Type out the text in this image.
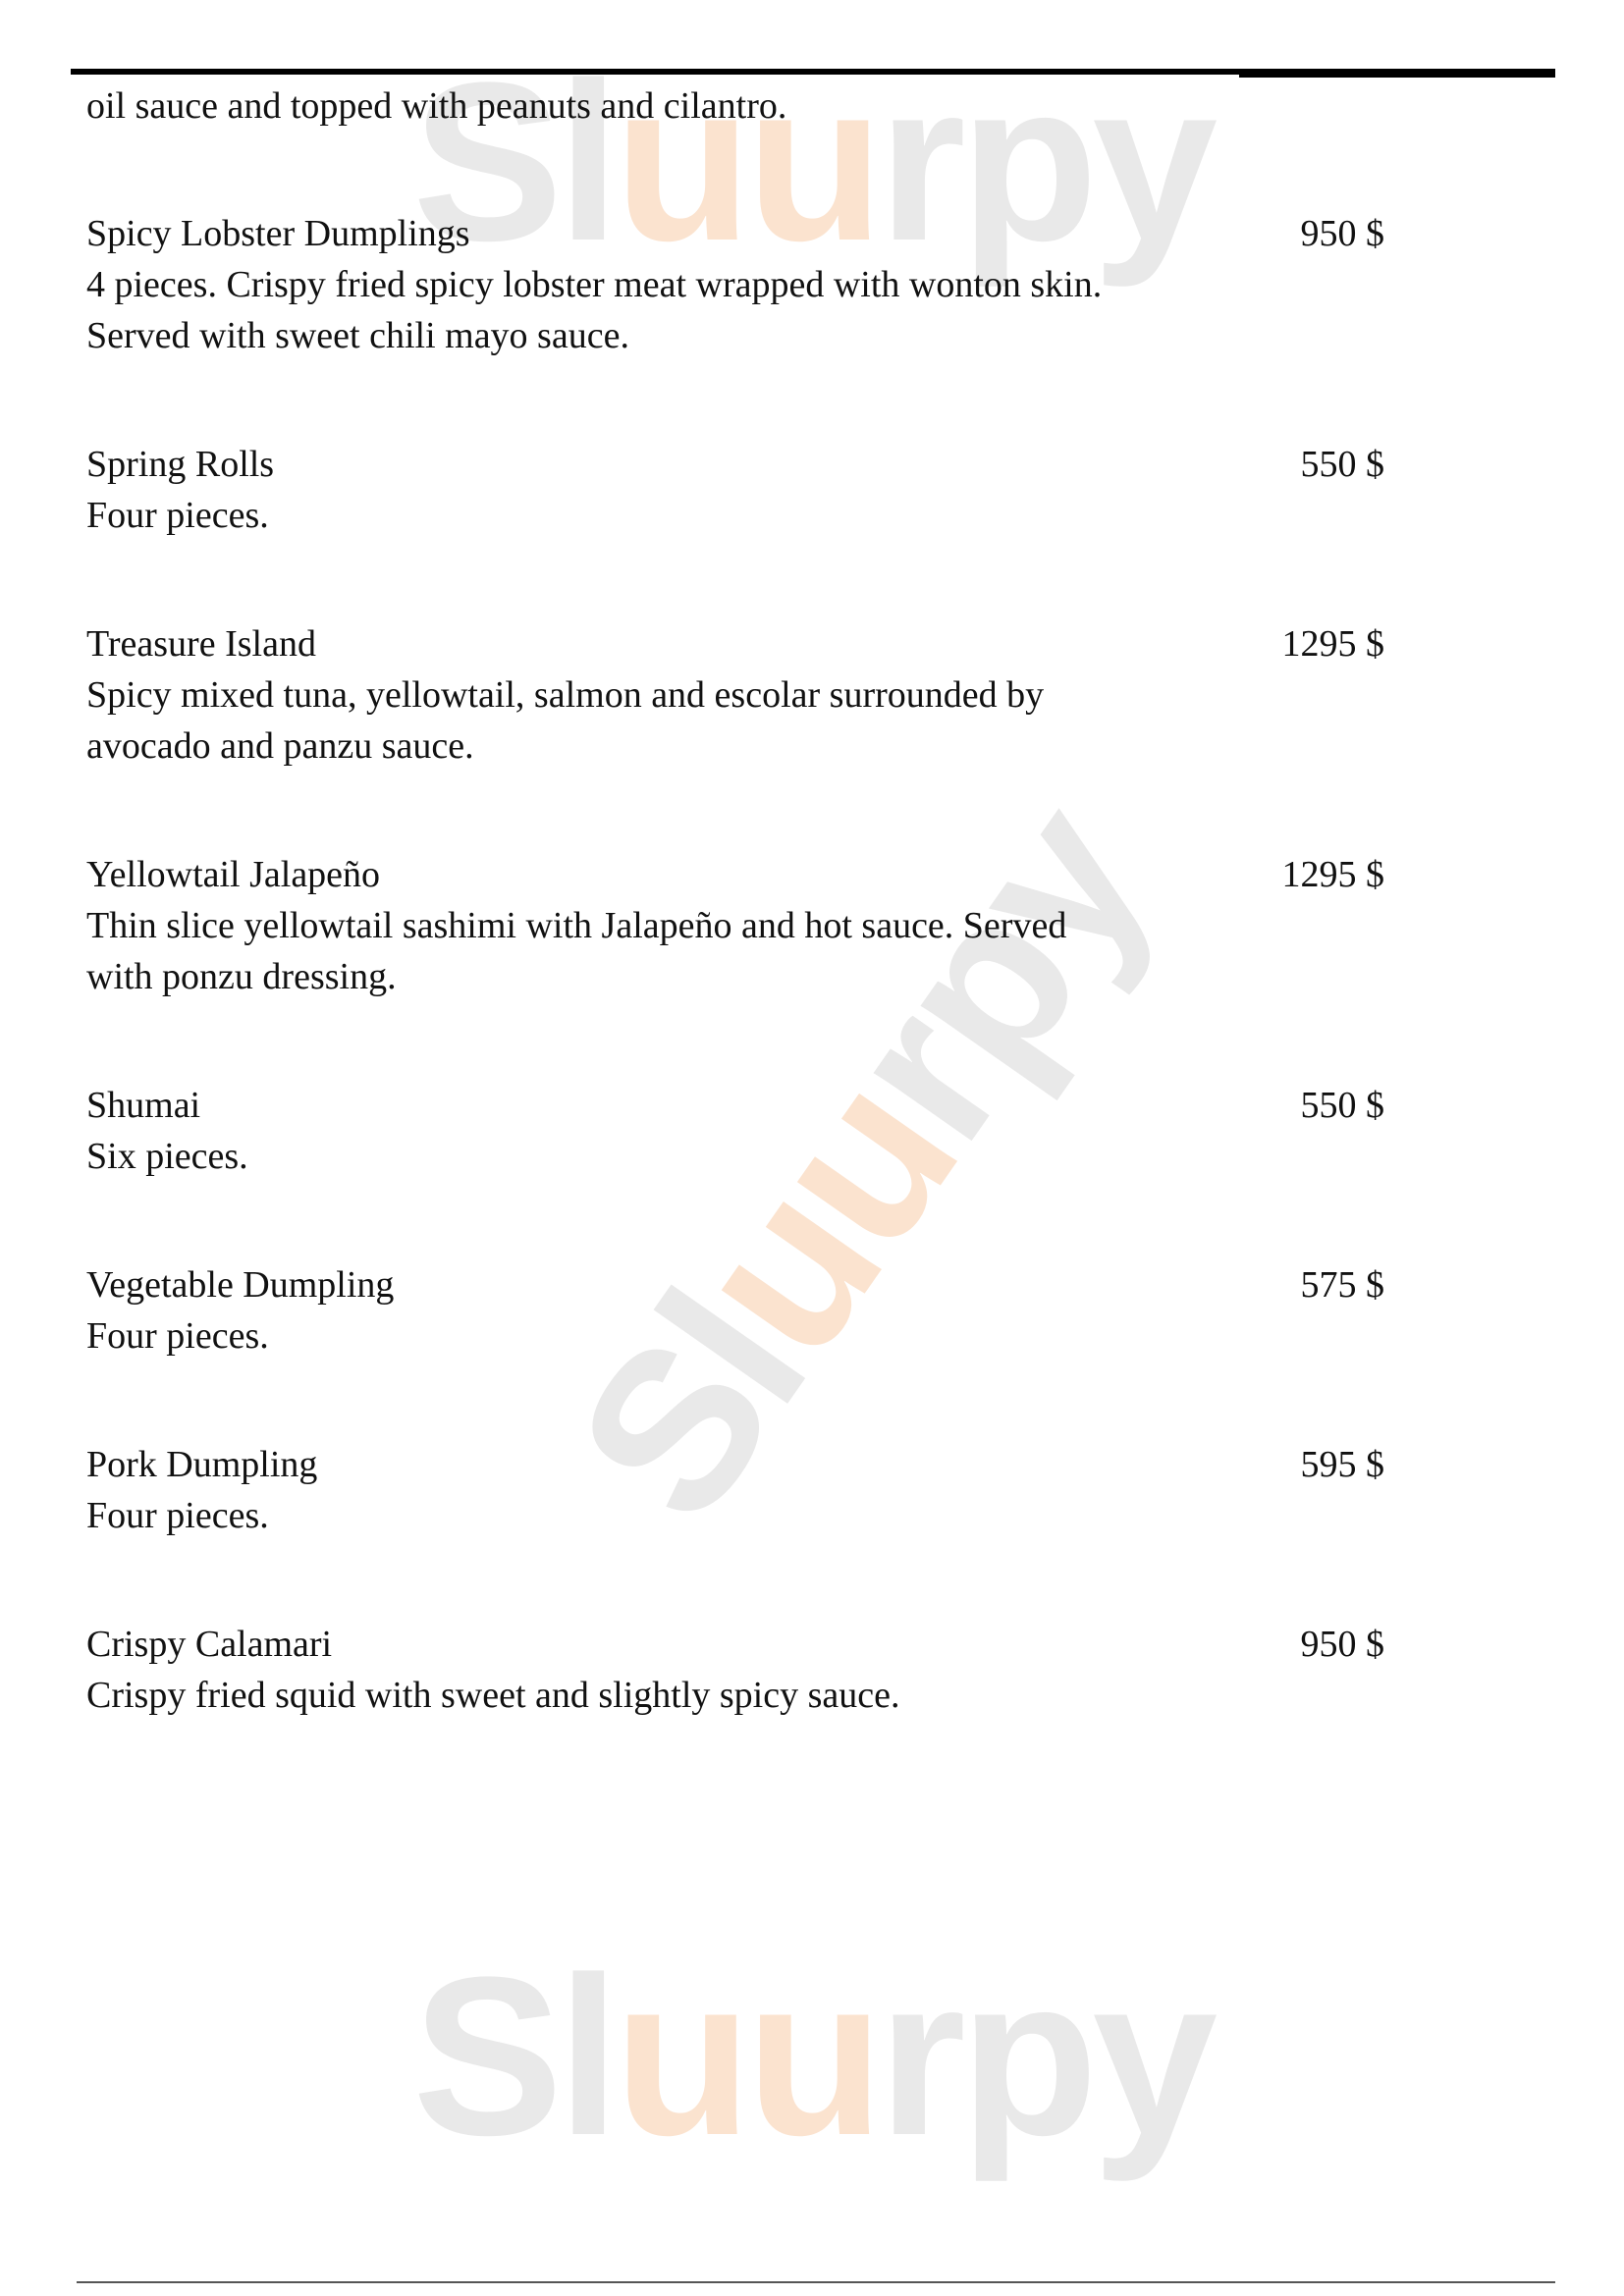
Sluurpy
Sluurpy
Sluurpy
oil sauce and topped with peanuts and cilantro.
Spicy Lobster Dumplings
4 pieces. Crispy fried spicy lobster meat wrapped with wonton skin.
Served with sweet chili mayo sauce.
950 $
Spring Rolls
Four pieces.
550 $
Treasure Island
Spicy mixed tuna, yellowtail, salmon and escolar surrounded by
avocado and panzu sauce.
1295 $
Yellowtail Jalapeño
Thin slice yellowtail sashimi with Jalapeño and hot sauce. Served
with ponzu dressing.
1295 $
Shumai
Six pieces.
550 $
Vegetable Dumpling
Four pieces.
575 $
Pork Dumpling
Four pieces.
595 $
Crispy Calamari
Crispy fried squid with sweet and slightly spicy sauce.
950 $
